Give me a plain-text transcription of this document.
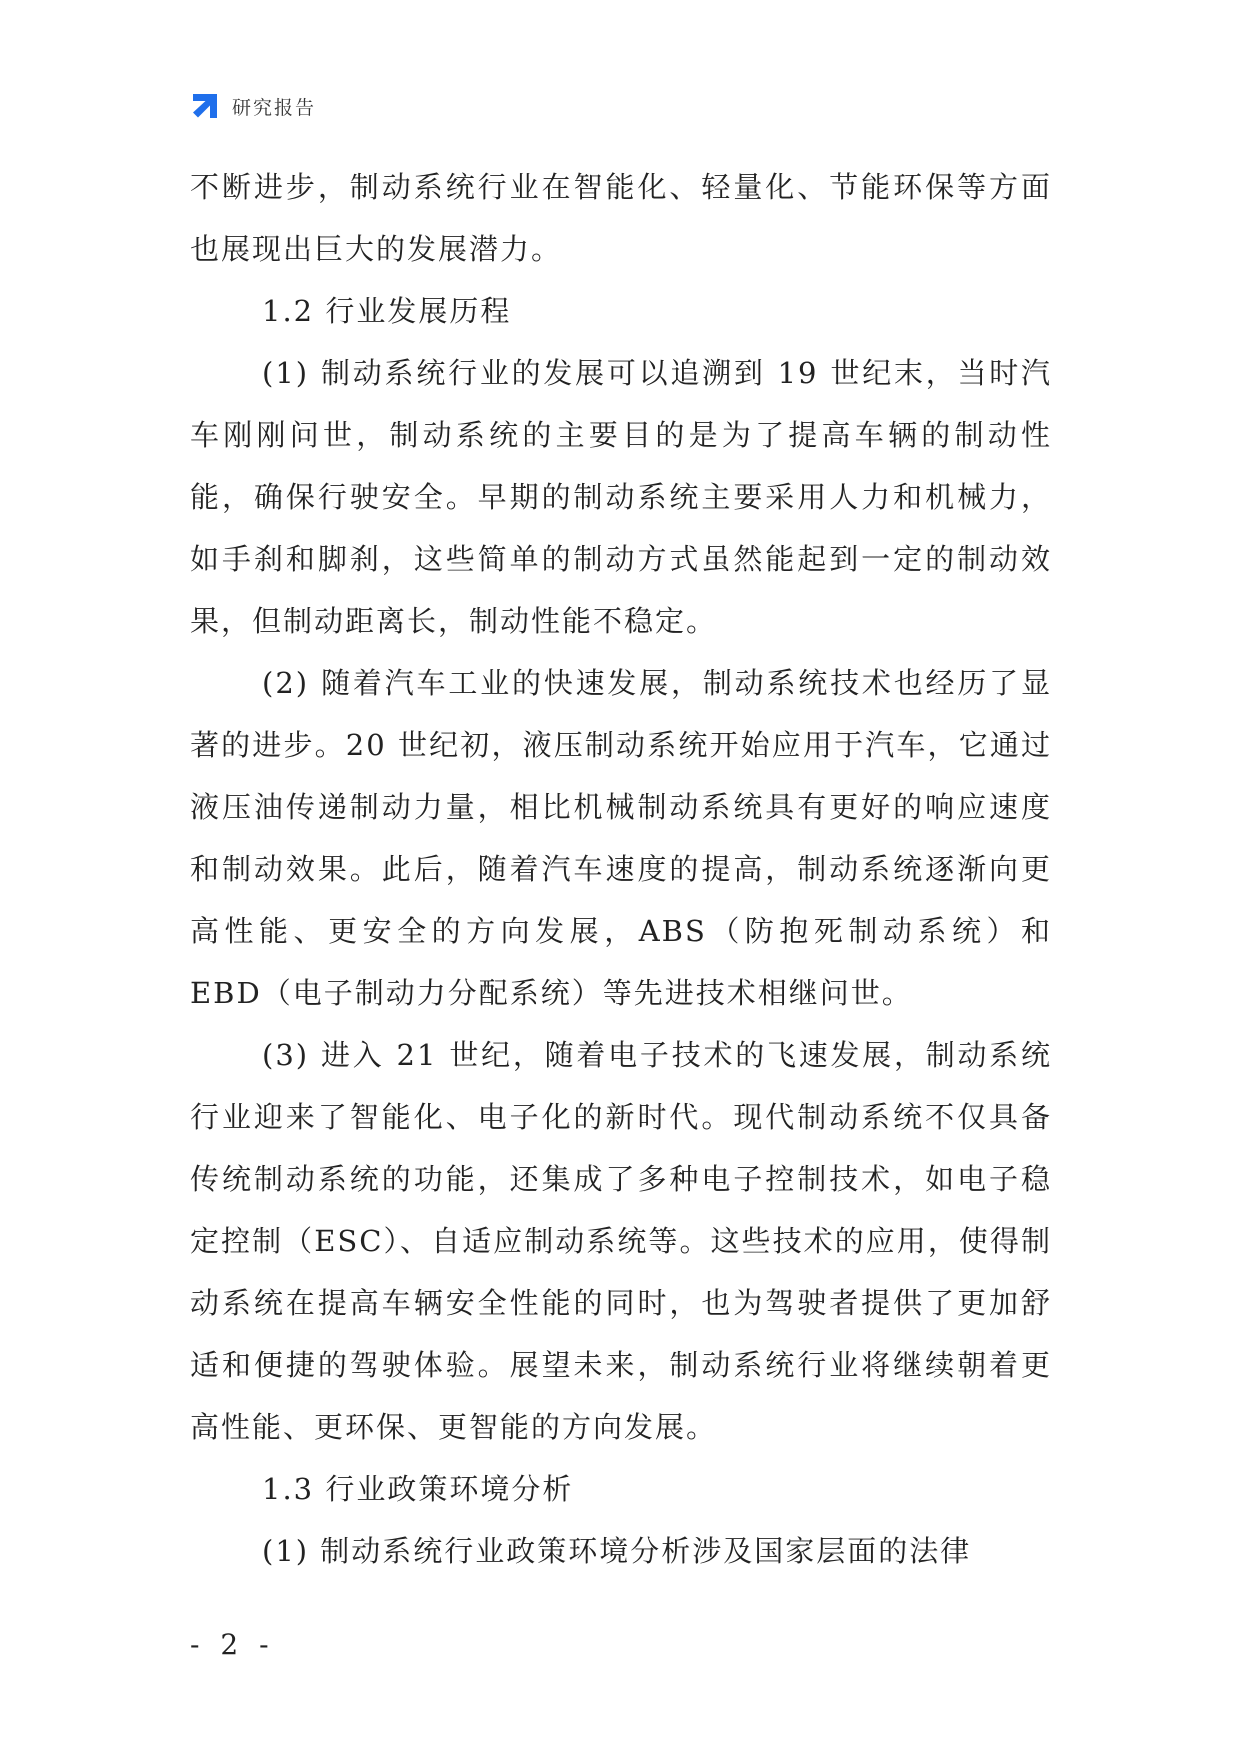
研究报告

不断进步，制动系统行业在智能化、轻量化、节能环保等方面也展现出巨大的发展潜力。

1.2 行业发展历程

(1) 制动系统行业的发展可以追溯到 19 世纪末，当时汽车刚刚问世，制动系统的主要目的是为了提高车辆的制动性能，确保行驶安全。早期的制动系统主要采用人力和机械力，如手刹和脚刹，这些简单的制动方式虽然能起到一定的制动效果，但制动距离长，制动性能不稳定。

(2) 随着汽车工业的快速发展，制动系统技术也经历了显著的进步。20 世纪初，液压制动系统开始应用于汽车，它通过液压油传递制动力量，相比机械制动系统具有更好的响应速度和制动效果。此后，随着汽车速度的提高，制动系统逐渐向更高性能、更安全的方向发展，ABS（防抱死制动系统）和 EBD（电子制动力分配系统）等先进技术相继问世。

(3) 进入 21 世纪，随着电子技术的飞速发展，制动系统行业迎来了智能化、电子化的新时代。现代制动系统不仅具备传统制动系统的功能，还集成了多种电子控制技术，如电子稳定控制（ESC）、自适应制动系统等。这些技术的应用，使得制动系统在提高车辆安全性能的同时，也为驾驶者提供了更加舒适和便捷的驾驶体验。展望未来，制动系统行业将继续朝着更高性能、更环保、更智能的方向发展。

1.3 行业政策环境分析

(1) 制动系统行业政策环境分析涉及国家层面的法律

- 2 -
